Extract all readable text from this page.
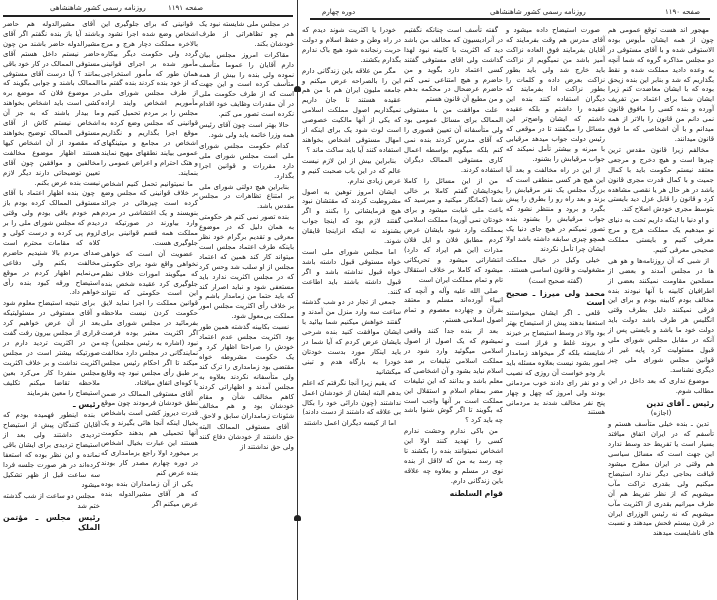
روزنامه رسمی کشور شاهنشاهی	صفحه ۱۱۹۱	دوره چهارم	روزنامه رسمی کشور شاهنشاهی	صفحه ۱۱۹۰

آقای مشیرالدوله هم حاضر باشند آیا باز بنده نگفتم اگر آقای مشیرالدوله حاضر باشند من چون حاضر نیستم داخل هستم آقای مستوفی الممالک در کار خود باقی بمانند ؟ آیا درست آقای مستوفی الممالک باشند و جوابی بگویند که در موضوع فلان که موضع بره کشی است باید اشخاص بخواهند ما بیدار باشند که به جز آن اشخاص نیستم کاش از آقای مستوفی الممالک توضیح بخواهند که مقصود از آن اشخاص کیها هستند اظهار موضوع مخالفت مخالفین و موافقین چون آقای تعیین توضیحاتی دارند دیگر لازم نیست بنده عرض بکنم.

چون بنده اظهار اعتماد با آقای مستوفی الممالک کرده بودم باز هم خودم باقی بودم ولی وقتی دیدم که مجلس شورای ملی را بر لزوم پی کرده و درست کولی و کلاه که مقامات محترم است صدای مردم بالا شنیدیم حاضرم مخالفت بکنم ولی دفاعی می‌نمایم اظهار کردم در موقع استیضاح ورقه کبود بنده رأی خواهم داد.

برای نتیجه استیضاح معلوم شود و آقای مستوفی در مسئولیتیکه بعد از آن عرض خواهیم کرد قراری از مجلس بیرون رفت گفت من در اکثریت تردید دارم در صورتیکه بیشتر است در مجلس اکثریت نداشت و بر خلاف اکثریت مجلس منفردا کار می‌کرد بعین ملاحظه تقاضا میکنم تکلیف استیضاح را معین بفرمایند

رئیس ـ

بنده اینطور فهمیده بودم که آقایان کنندگان پیش از استیضاح تردیدی داشتند ولی بعد از استیضاح تردیدی برای ایشان باقی نمانده و این نظر بوده که استعفا کرده‌اند در هر صورت جلسه فردا سه ساعت قبل از ظهر تشکیل میشود

مجلس دو ساعت از شب گذشته ختم شد

رئیس مجلس ـ مؤتمن الملک

قوانینی که برای جلوگیری این اشخاص وضع شده اجرا نشود و بالاخره مملکت دچار هرج و مرج گردد ولی حکومت دیگر بیکاره مأمور شده بر اجرای قوانینی همان طور که مأمور استخراجی که از خود بنده کردند بنده گفتم ما از طرف مجلس شورای ملی مأموریم اشخاص وایند اراده مجلس را بر مردم تحمیل کنیم و قوانینی که مجلس وضع کرده به موقع اجرا بگذاریم و نگذاریم اشخاص در مجامع و میتینگهای عمومی بیایند نطقهای مهیج نمایند و هتک احترام و اعراض عمومی را بنمایند.

ما نمیتوانیم تحمل کنیم اشخاص بر خلاف قوانینی که مجلس وضع کرده است چیزهائی در جرائد بنویسند و یک اغتشاشی در مردم وارد بیاورند در صورتیکه در مملکت همه قسم قوانینی برای جلوگیری هست.

عضویت آن است که خواهی نخواهی واقع شود برای حکومتی که میگویند امورات خلاف نظم جلوگیری کرد عقیده شخص بنده این است حکومتی که نتواند قوانین مملکت را اجرا نماید لایق حکومت کردن نیست ملاحظه بفرمائید در مجلس شورای ملی اگر اکثریت معتبر بوده فرصت نبود (اشاره به رئیس مجلس) چه نمایندگانی در مجلس دارد مخالفت میکند تا اگر احکام رئیس مجلس بر طبق رأی مجلس نبود چه وقایع یا کوه‌ای اتفاق میافتاد.

آقای مستوفی الممالک در ضمن نطق خودشان فرمودند چون موقع قدرت دیروز کشی است باشخاص بخیال اینکه آنجا هائی بگیرند و یک آنها تحمیلی هم بدهند حکومت هستند این عبارت بخیال اشخاص بر میخورد اولا راجع بزمامداری که در دوره چهارم مصدر کار بودند بنده عرض کنم

یکی از آن زمامداران بنده بوده که هر آقای مشیرالدوله بنده عرض میکنم اگر

در مجلس ملی شایسته نبود یک هم چو تظاهراتی از طرف خودشان بکند.

مقاکرات امروز مجلس بیان دارم آقایان را عموما متأسف نموده ولی بنده را بیش از همه متأسف کرده است و این جهت است که از طرف حکومت ملی در آن مقدرات وظایف خود اقدام نکرده است تصور می کنم.

حالا بهتر است چون آقای رئیس همه وزرا خاتمه یابد ولی شود.

کدام حکومت مجلس شورای ملی است مجلس شورای ملی دارد مقررات و قوانین اجرا بگذارد.

بنابراین هیچ دولتی شورای ملی بر امتناع تظاهرات در مجلس مقدس باشد.

بنده تصور نمی کنم هر حکومتی به همان دلیل که در موضوع معرفی و تقدیم برگرام خود نظر باینکه طرف اعتماد مجلس است میتواند کار کند همین که اعتماد مجلس از او سلب شد وحس کرد که در مجلس اکثریت ندارد باید مستعفی شود و نباید اصرار کند که باید حتما من زمامدار باشم و بر خلاف رأی اکثریت مجلس امور مملکت بی‌معول شود.

نسبت بکابینه گذشته همین طور بود اکثریت مجلس عدم اعتماد خودش را صراحتا اظهار کرد و یک حکومت مشروطه خواه مقتضی بود زمامداری را ترک کند ولی متأسفانه نکردند بعلاوه به مجلس آمدند و اظهاراتی کردند کاهم مخالف شأن و مقام خودشان بود و هم مخالف شئونات زمامداران سابق و لاحق.

آقای مستوفی الممالک البته حق داشتند از خودشان دفاع کنند ولی حق نداشتند از

خودرا یا اکثریت شوند دیدم که در راه وطن و حفظ اسلام و دولت حربت رنجانده شود هیچ باک ندارم بگذارم بکشند.

مگر من علاقه باین زندگانی دارم این را بالصراحه عرض میکنم و جامعه ملیون ایران هم با من هم عقیده هستند تا جان داریم نمیگذاریم اصول مملکت اسلامی که یکی از آنها مالکیت خصوصی است لوث شود یک برای اینکه از امهال مستوفی اشخاص بخواهند استفاده کنند آیا باید ساکت ماند ؟

بنابراین بیش از این لازم نیست عالم که در این باب صحبت کنیم و عرض زیادی ندارم.

ایشان امروز توهین به اصول مشروطیت کردند که مقتشان نبود هیچ فرمایشاتی را بکنند و اگر گفتند لازم بود که اینجا جواب بشنوند نه اینکه انزاینجا قایقان شوند.

اما مجلس شورای ملی است خواه مستوفی قبول داشته باشد خواه قبول نداشته باشد و اگر قبول داشته باشند باید اطاعت کنند.

جمعی از تجار در دو شب گذشته ساعت سه وارد منزل من آمدند و گفتند خواهش میکنیم شما بیائید با ایشان موافقت کنید بنده شرحی بایشان عرض کردم که آیا شما در باید اینکار مورد بدست خودتان خودرا به بارگاه هدم و تبنی میکشانید

که یقیم زیرا آنجا نگرفتم که اعلم بدهم البته ایشان از خودشان اعمل نداشتند (چون دارائی خود را بکال بی علاقه که داشتند از دست دادند)

اما از کیسه دیگران اعمل داشتند

گفته تأسف است چنانکه نگفتیم در آنرادیسیون که مخالف من باشد دید که اکثریت با کابینه نبود لهذا گذاشت ولی اقای مستوفی گفتند کسی اعتماد دارد بگوید و من حاضرم و هیچ امتناعی نمی کنم حاضرم عرضحال در محکمه بدهم و من مطیع آن قانون هستم

علت موافقت من با مستوفی الممالک برای مسائل عمومی بود ولی متأسفانه آن تعیین قصوری را که آقای مدرس کردند بنده نمی کنم بلکه میگویم بواسطه اعمال کاری مستوفی الممالک دیگران استفاده کردند.

من از این مسائل را کاملا بخودایشان گفتم کاملا بر خالی شما (کمانگار میکنید و میرسید که باعث ملی غیابت میشود و برای خودتان نمی آورید) مملکت اسلامی بمملکت وارد شود بایشان عرض کردم مطابق فلان و ایل فلان مذرات (این هم ایراد که دارد) انتشاراتی میشود و تحریکاتی میشود که کاملا بر خلاف استقلال تام و تمام مملکت ایران است

صلی الله علیه وآله و آنچه که انبیاء آورده‌اند مسلم و معتقد بقرآن و چهارده معصوم و تمام اصول اسلامی هستم.

بعد از بنده جدا کنند واقعی نمیشوم که یک اصول از اصول اسلامی میگوئید وارد شود در مملکت اسلامی تبلیغات بر ضد اسلام نباید بشود و آن اشخاصی که معلم باشد و بدانند که این تبلیغات مضر بمقام اسلام و استقلال این مملکت است بر آنها واجب است که بگویند تا اگر گوش شنوا باشد چه باید کرد ؟

من باکی ندارم وحشت ندارم کسی را تهدید کنند اولا این اشخاص نمیتوانند بنده را بکشند تا چه رسد به من که لااقل از بنده نوی در مسلم و بعلاوه چه علاقه باین زندگانی دارم.

قوام السلطنه

صورت استیضاح داده میشود و آقای مدرس هم وقت بفرمایند که آقایان بفرمایند فوق العاده نزاکت آمیز باشد من نمیگویم از نزاکت باید خارج شد ولی باید بطور نزاکت بعرض داده و کلمات را بطور نزاکت ادا بفرمایند که دیگران استفاده کنند بنده این عقیده را داشتم و بلکه عقیده داشتم که ایشان واضح‌تر این مسائل را میگفتند تا در موقعی که رئیس دولت جواب میدهد مرقیابی با مبرنه و بیشتر تأمل نمیکند که جواب مرقیابش را بشنود.

از این در راه مخالفت و بعد آیا این هیچ هر کسی منطقی است که بزرگ مجلس یک نفر مرقیابش را بزند و بعد راه رو را بطرق را پیش بگیرد و برود و منتظر نشود که جواب مرقیابش را بشنود بنده تصور نمیکنم در هیچ جای دنیا یک همچو چیزی سابقه داشته باشد اولا ایشان چرا تأمل نکردند

خیلی وکیل در خیال مملکت مشغولیت و قانون اساسی هستند.

(گفته صحیح است)

محمد ولی میرزا ـ صحیح است

قلعی ـ اگر ایشان میخواستند استعفا بدهند پیش از استیضاح بهتر بود والا در وسط استیضاح بر خیزند و بروند غلط و فراز است و شایسته بلکه گر میخواهد زمامدار امور بشود نیست بعلاوه مسئله باید بار ودو خواست آن روزی که نصیب و دو نفر رای دادند خوب مردمانی بودند ولی امروز که چهل و چهار پنج نفر مخالف شدند بد مردمانی هستند

مهجور اند هست توقع عمومی هم چون از همه ایشان مأیوس بوده الاستوفی شده و با آقای مستوفی در دو مجلس مذاکره گروه که شما آنچه به وعده دادید مملکت شده و نقط بگذاریم که شد و بنابر این بنده زیحق بوده که با ایشان معاضدت کنم زیرا ایشان شما برای اعتماد من تفریف آورده و بنده کسی را مافوق قانون نمی دانم من قانون را بالاتر از همه میدانم و با آن اشخاصی که ما فوق قانون میدانند.

مخالفم زیرا قانون مقدس ترین چیزها است و هیچ دخرج و مرجعی معتقد نیستم حکومت باید با کمال جمیت و با کمال قدرت مجری قانون باشد در هر حال هر یا نقصی مشاهده کرد و قانون را قابل عزل دید بایستی بتوسط مجری خودش اصلاح کند.

و او دنیا با اینکه داریم تحت به دنیای تو میدهیم یک مملکت هرج و مرج معرفی کنیم و بایستی مملکت صحیحی معرفی کنیم.

از شبی که آن روزنامه‌ها و هو هی ها در مجلس آمدند و بعضی از مسلحین مقاومت نمیکنند بعضی از اطرافیان کابینه با آنها نبودند بنده مخالف بودم کابینه بودم و برای این فرقی نمیکنند دلیل بطرف وقتی انگلیس هر طرف باشد دولت باید دولت خود ما باشد و بایستی پس از آنکه در مقابل مجلس شورای ملی قبول مسئولیت کرد پایه غیر از قوانین مجلس شورای ملی چیز دیگری نشناسد.

موضوع نداری که بعد داخل در این مطالب شوم.

رئیس ـ آقای تدین

(اجازه)

تدین ـ بنده خیلی متأسف هستم و تأسفم که در ایران اتفاق میافتد بسیار است یا تفریط حد وسط ندارد این جهت است که مسائل سیاسی هم وقتی در ایران مطرح میشود قیافت بحاجی دیگر ندارد استیضاح میکنیم ولی بقدری تراکت مآب میشویم که از نظر تفریط هم آن طرف میرانیم بقدری از اکثریت مآب میشویم که نه رئیس الوزرای ایران در قرن بیستم فحش میدهند و نسبت های ناشایست میدهند
